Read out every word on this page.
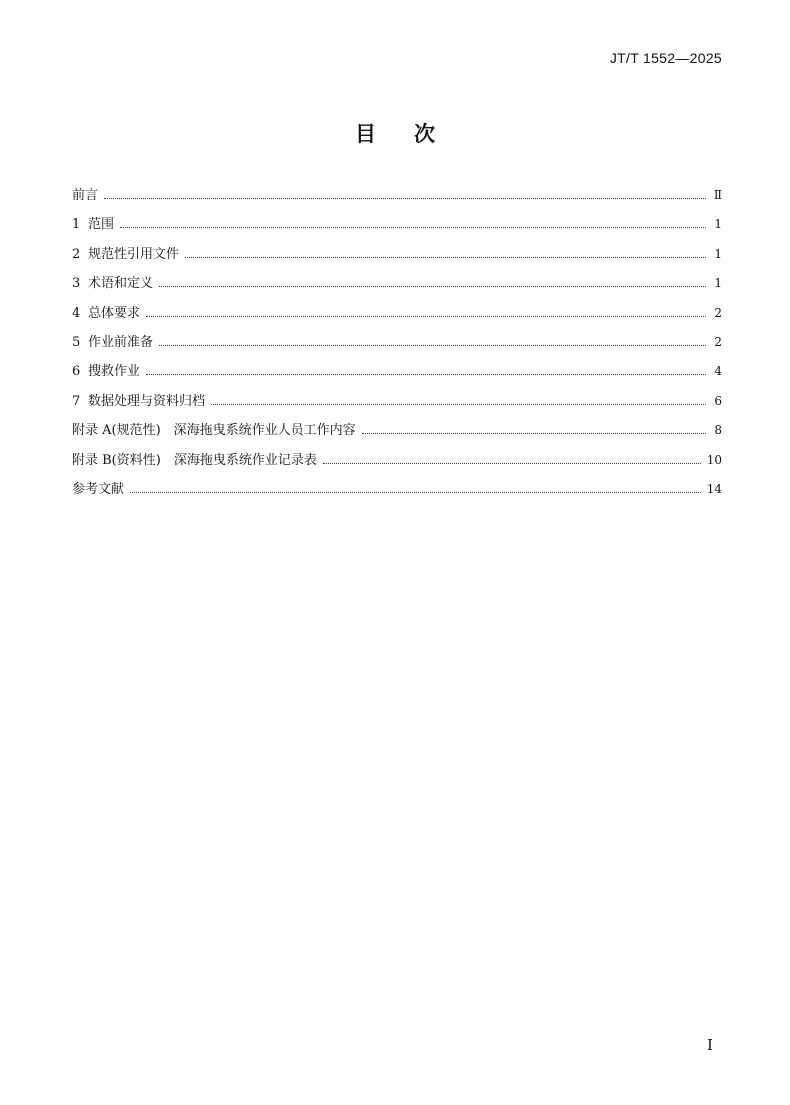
JT/T 1552—2025
目次
前言	Ⅱ
1 范围	1
2 规范性引用文件	1
3 术语和定义	1
4 总体要求	2
5 作业前准备	2
6 搜救作业	4
7 数据处理与资料归档	6
附录 A(规范性)　深海拖曳系统作业人员工作内容	8
附录 B(资料性)　深海拖曳系统作业记录表	10
参考文献	14
Ⅰ
